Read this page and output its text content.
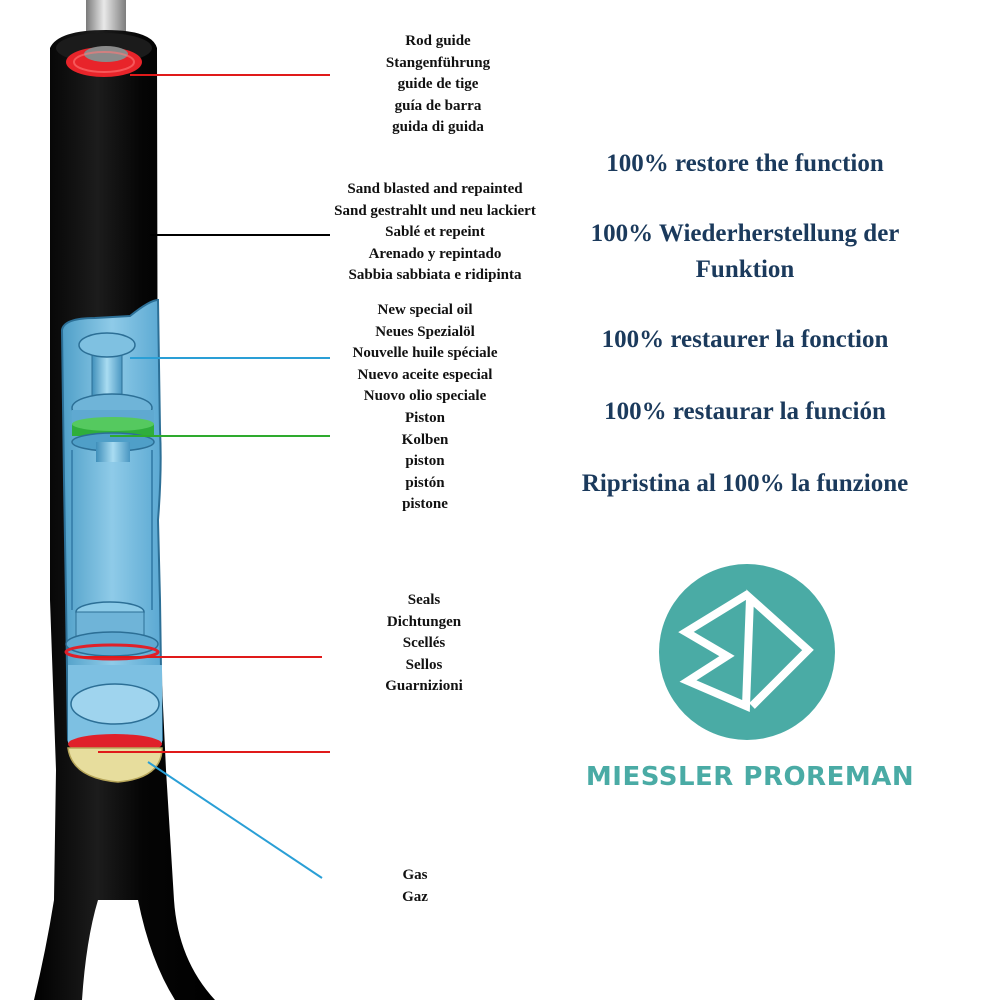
Rod guide
Stangenführung
guide de tige
guía de barra
guida di guida
Sand blasted and repainted
Sand gestrahlt und neu lackiert
Sablé et repeint
Arenado y repintado
Sabbia sabbiata e ridipinta
New special oil
Neues Spezialöl
Nouvelle huile spéciale
Nuevo aceite especial
Nuovo olio speciale
Piston
Kolben
piston
pistón
pistone
Seals
Dichtungen
Scellés
Sellos
Guarnizioni
Gas
Gaz

100% restore the function

100% Wiederherstellung der Funktion

100% restaurer la fonction

100% restaurar la función

Ripristina al 100% la funzione

MIESSLER PROREMAN
